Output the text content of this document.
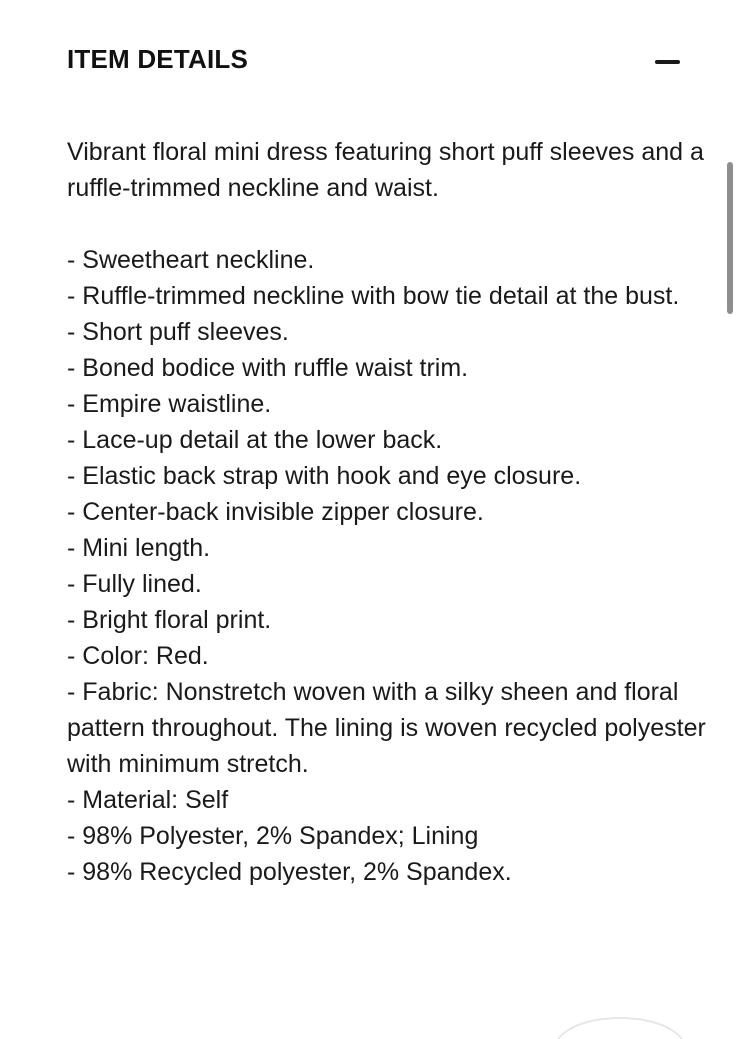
ITEM DETAILS

Vibrant floral mini dress featuring short puff sleeves and a ruffle-trimmed neckline and waist.

- Sweetheart neckline.
- Ruffle-trimmed neckline with bow tie detail at the bust.
- Short puff sleeves.
- Boned bodice with ruffle waist trim.
- Empire waistline.
- Lace-up detail at the lower back.
- Elastic back strap with hook and eye closure.
- Center-back invisible zipper closure.
- Mini length.
- Fully lined.
- Bright floral print.
- Color: Red.
- Fabric: Nonstretch woven with a silky sheen and floral pattern throughout. The lining is woven recycled polyester with minimum stretch.
- Material: Self
- 98% Polyester, 2% Spandex; Lining
- 98% Recycled polyester, 2% Spandex.
